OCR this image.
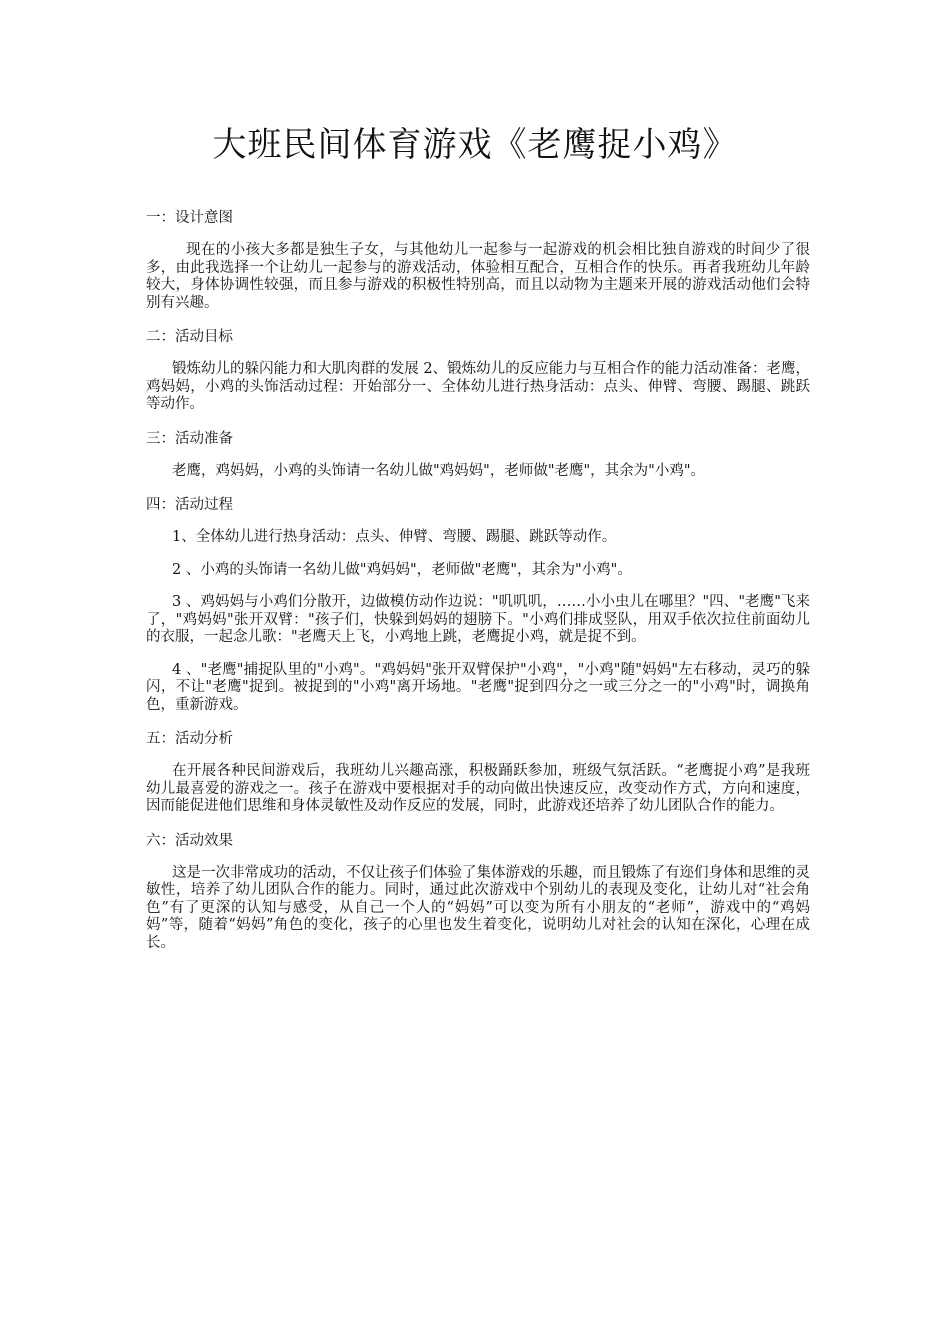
大班民间体育游戏《老鹰捉小鸡》

一：设计意图

现在的小孩大多都是独生子女，与其他幼儿一起参与一起游戏的机会相比独自游戏的时间少了很多，由此我选择一个让幼儿一起参与的游戏活动，体验相互配合，互相合作的快乐。再者我班幼儿年龄较大，身体协调性较强，而且参与游戏的积极性特别高，而且以动物为主题来开展的游戏活动他们会特别有兴趣。

二：活动目标

锻炼幼儿的躲闪能力和大肌肉群的发展 2、锻炼幼儿的反应能力与互相合作的能力活动准备：老鹰，鸡妈妈，小鸡的头饰活动过程：开始部分一、全体幼儿进行热身活动：点头、伸臂、弯腰、踢腿、跳跃等动作。

三：活动准备

老鹰，鸡妈妈，小鸡的头饰请一名幼儿做"鸡妈妈"，老师做"老鹰"，其余为"小鸡"。

四：活动过程

1、全体幼儿进行热身活动：点头、伸臂、弯腰、踢腿、跳跃等动作。

2 、小鸡的头饰请一名幼儿做"鸡妈妈"，老师做"老鹰"，其余为"小鸡"。

3 、鸡妈妈与小鸡们分散开，边做模仿动作边说："叽叽叽，……小小虫儿在哪里？"四、"老鹰"飞来了，"鸡妈妈"张开双臂："孩子们，快躲到妈妈的翅膀下。"小鸡们排成竖队，用双手依次拉住前面幼儿的衣服，一起念儿歌："老鹰天上飞，小鸡地上跳，老鹰捉小鸡，就是捉不到。

4 、"老鹰"捕捉队里的"小鸡"。"鸡妈妈"张开双臂保护"小鸡"，"小鸡"随"妈妈"左右移动，灵巧的躲闪，不让"老鹰"捉到。被捉到的"小鸡"离开场地。"老鹰"捉到四分之一或三分之一的"小鸡"时，调换角色，重新游戏。

五：活动分析

在开展各种民间游戏后，我班幼儿兴趣高涨，积极踊跃参加，班级气氛活跃。“老鹰捉小鸡”是我班幼儿最喜爱的游戏之一。孩子在游戏中要根据对手的动向做出快速反应，改变动作方式，方向和速度，因而能促进他们思维和身体灵敏性及动作反应的发展，同时，此游戏还培养了幼儿团队合作的能力。

六：活动效果

这是一次非常成功的活动，不仅让孩子们体验了集体游戏的乐趣，而且锻炼了有迩们身体和思维的灵敏性，培养了幼儿团队合作的能力。同时，通过此次游戏中个别幼儿的表现及变化，让幼儿对“社会角色”有了更深的认知与感受，从自己一个人的“妈妈”可以变为所有小朋友的“老师”，游戏中的“鸡妈妈”等，随着“妈妈”角色的变化，孩子的心里也发生着变化，说明幼儿对社会的认知在深化，心理在成长。
